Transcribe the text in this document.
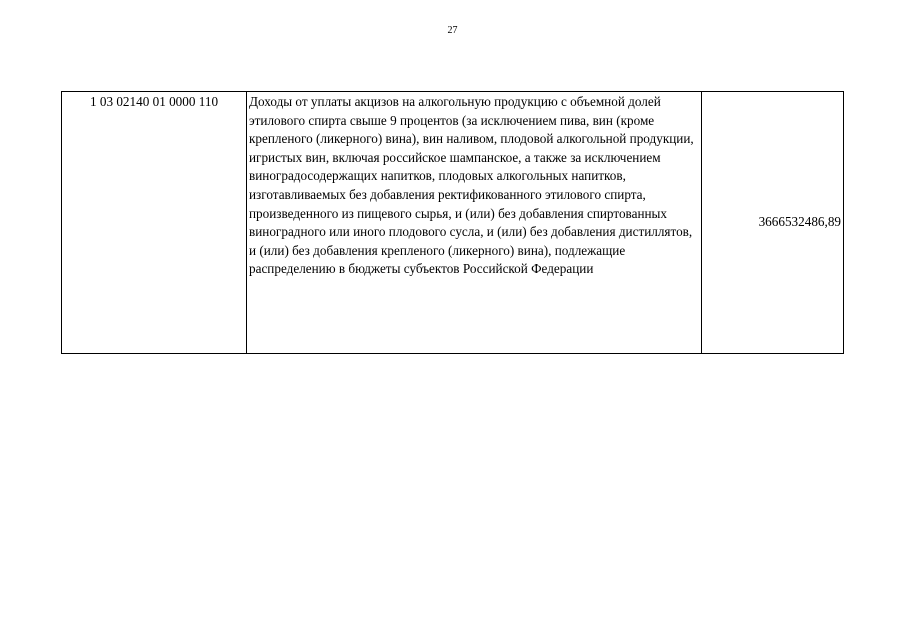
27
1 03 02140 01 0000 110	Доходы от уплаты акцизов на алкогольную продукцию с объемной долей этилового спирта свыше 9 процентов (за исключением пива, вин (кроме крепленого (ликерного) вина), вин наливом, плодовой алкогольной продукции, игристых вин, включая российское шампанское, а также за исключением виноградосодержащих напитков, плодовых алкогольных напитков, изготавливаемых без добавления ректификованного этилового спирта, произведенного из пищевого сырья, и (или) без добавления спиртованных виноградного или иного плодового сусла, и (или) без добавления дистиллятов, и (или) без добавления крепленого (ликерного) вина), подлежащие распределению в бюджеты субъектов Российской Федерации	3666532486,89
